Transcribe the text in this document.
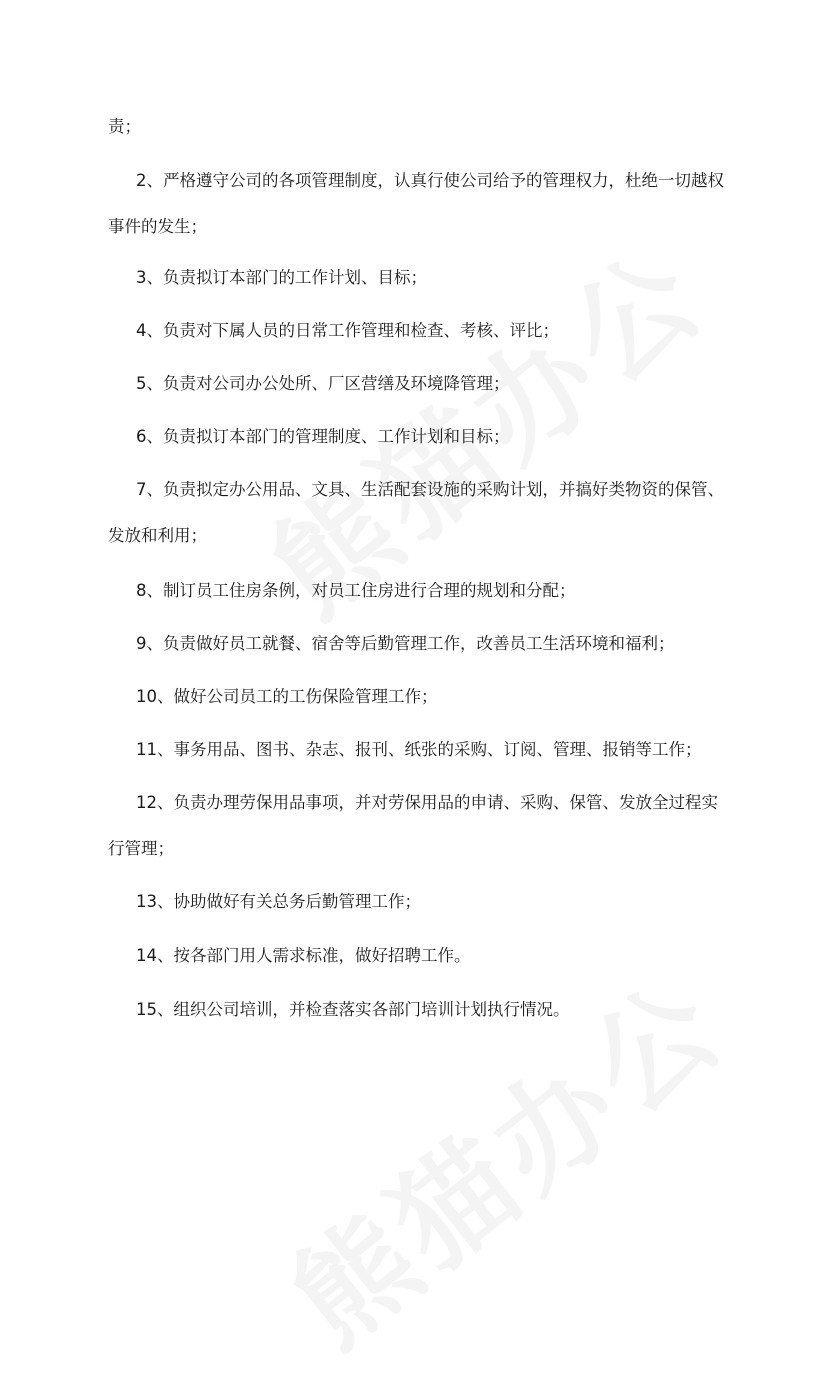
责；

2、严格遵守公司的各项管理制度，认真行使公司给予的管理权力，杜绝一切越权
事件的发生；

3、负责拟订本部门的工作计划、目标；

4、负责对下属人员的日常工作管理和检查、考核、评比；

5、负责对公司办公处所、厂区营缮及环境降管理；

6、负责拟订本部门的管理制度、工作计划和目标；

7、负责拟定办公用品、文具、生活配套设施的采购计划，并搞好类物资的保管、
发放和利用；

8、制订员工住房条例，对员工住房进行合理的规划和分配；

9、负责做好员工就餐、宿舍等后勤管理工作，改善员工生活环境和福利；

10、做好公司员工的工伤保险管理工作；

11、事务用品、图书、杂志、报刊、纸张的采购、订阅、管理、报销等工作；

12、负责办理劳保用品事项，并对劳保用品的申请、采购、保管、发放全过程实
行管理；

13、协助做好有关总务后勤管理工作；

14、按各部门用人需求标准，做好招聘工作。

15、组织公司培训，并检查落实各部门培训计划执行情况。
